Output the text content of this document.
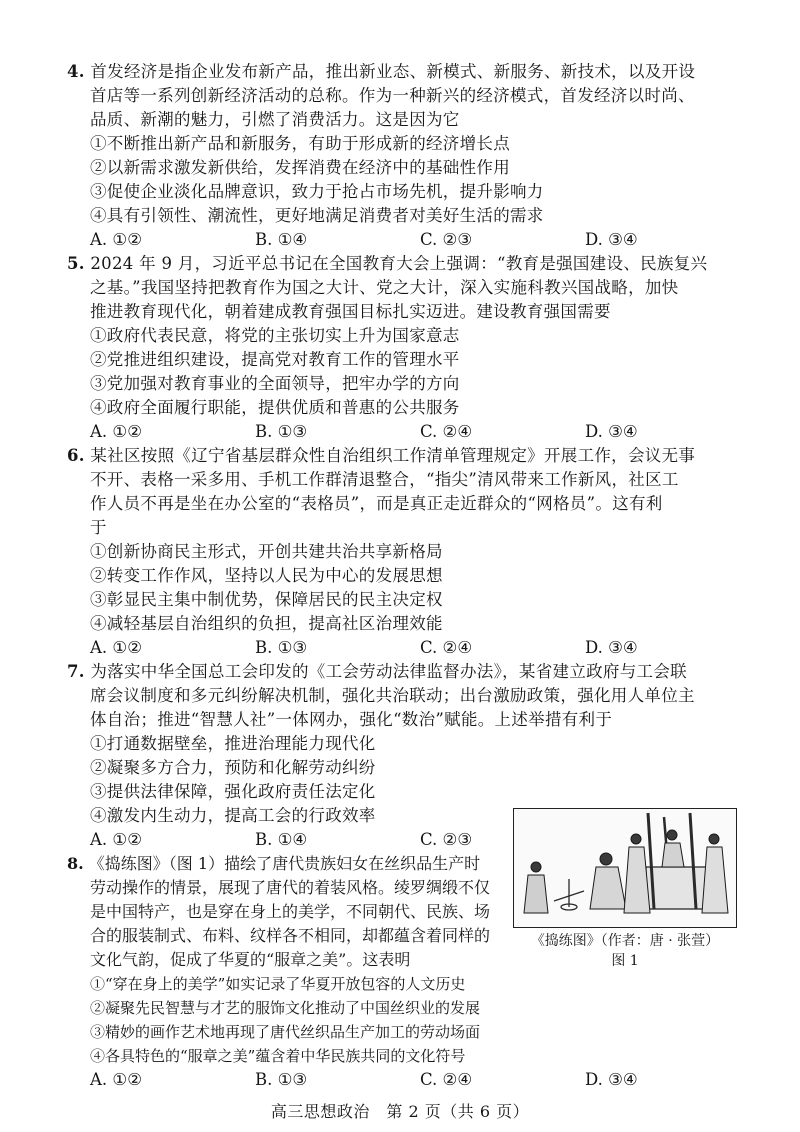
4. 首发经济是指企业发布新产品，推出新业态、新模式、新服务、新技术，以及开设
首店等一系列创新经济活动的总称。作为一种新兴的经济模式，首发经济以时尚、
品质、新潮的魅力，引燃了消费活力。这是因为它
①不断推出新产品和新服务，有助于形成新的经济增长点
②以新需求激发新供给，发挥消费在经济中的基础性作用
③促使企业淡化品牌意识，致力于抢占市场先机，提升影响力
④具有引领性、潮流性，更好地满足消费者对美好生活的需求
A. ①②	B. ①④	C. ②③	D. ③④
5. 2024 年 9 月，习近平总书记在全国教育大会上强调：“教育是强国建设、民族复兴
之基。”我国坚持把教育作为国之大计、党之大计，深入实施科教兴国战略，加快
推进教育现代化，朝着建成教育强国目标扎实迈进。建设教育强国需要
①政府代表民意，将党的主张切实上升为国家意志
②党推进组织建设，提高党对教育工作的管理水平
③党加强对教育事业的全面领导，把牢办学的方向
④政府全面履行职能，提供优质和普惠的公共服务
A. ①②	B. ①③	C. ②④	D. ③④
6. 某社区按照《辽宁省基层群众性自治组织工作清单管理规定》开展工作，会议无事
不开、表格一采多用、手机工作群清退整合，“指尖”清风带来工作新风，社区工
作人员不再是坐在办公室的“表格员”，而是真正走近群众的“网格员”。这有利
于
①创新协商民主形式，开创共建共治共享新格局
②转变工作作风，坚持以人民为中心的发展思想
③彰显民主集中制优势，保障居民的民主决定权
④减轻基层自治组织的负担，提高社区治理效能
A. ①②	B. ①③	C. ②④	D. ③④
7. 为落实中华全国总工会印发的《工会劳动法律监督办法》，某省建立政府与工会联
席会议制度和多元纠纷解决机制，强化共治联动；出台激励政策，强化用人单位主
体自治；推进“智慧人社”一体网办，强化“数治”赋能。上述举措有利于
①打通数据壁垒，推进治理能力现代化
②凝聚多方合力，预防和化解劳动纠纷
③提供法律保障，强化政府责任法定化
④激发内生动力，提高工会的行政效率
A. ①②	B. ①④	C. ②③
8. 《捣练图》（图 1）描绘了唐代贵族妇女在丝织品生产时
劳动操作的情景，展现了唐代的着装风格。绫罗绸缎不仅
是中国特产，也是穿在身上的美学，不同朝代、民族、场
合的服装制式、布料、纹样各不相同，却都蕴含着同样的
文化气韵，促成了华夏的“服章之美”。这表明
①“穿在身上的美学”如实记录了华夏开放包容的人文历史
②凝聚先民智慧与才艺的服饰文化推动了中国丝织业的发展
《捣练图》（作者：唐 · 张萱）
图 1
③精妙的画作艺术地再现了唐代丝织品生产加工的劳动场面
④各具特色的“服章之美”蕴含着中华民族共同的文化符号
A. ①②	B. ①③	C. ②④	D. ③④
高三思想政治　第 2 页（共 6 页）
